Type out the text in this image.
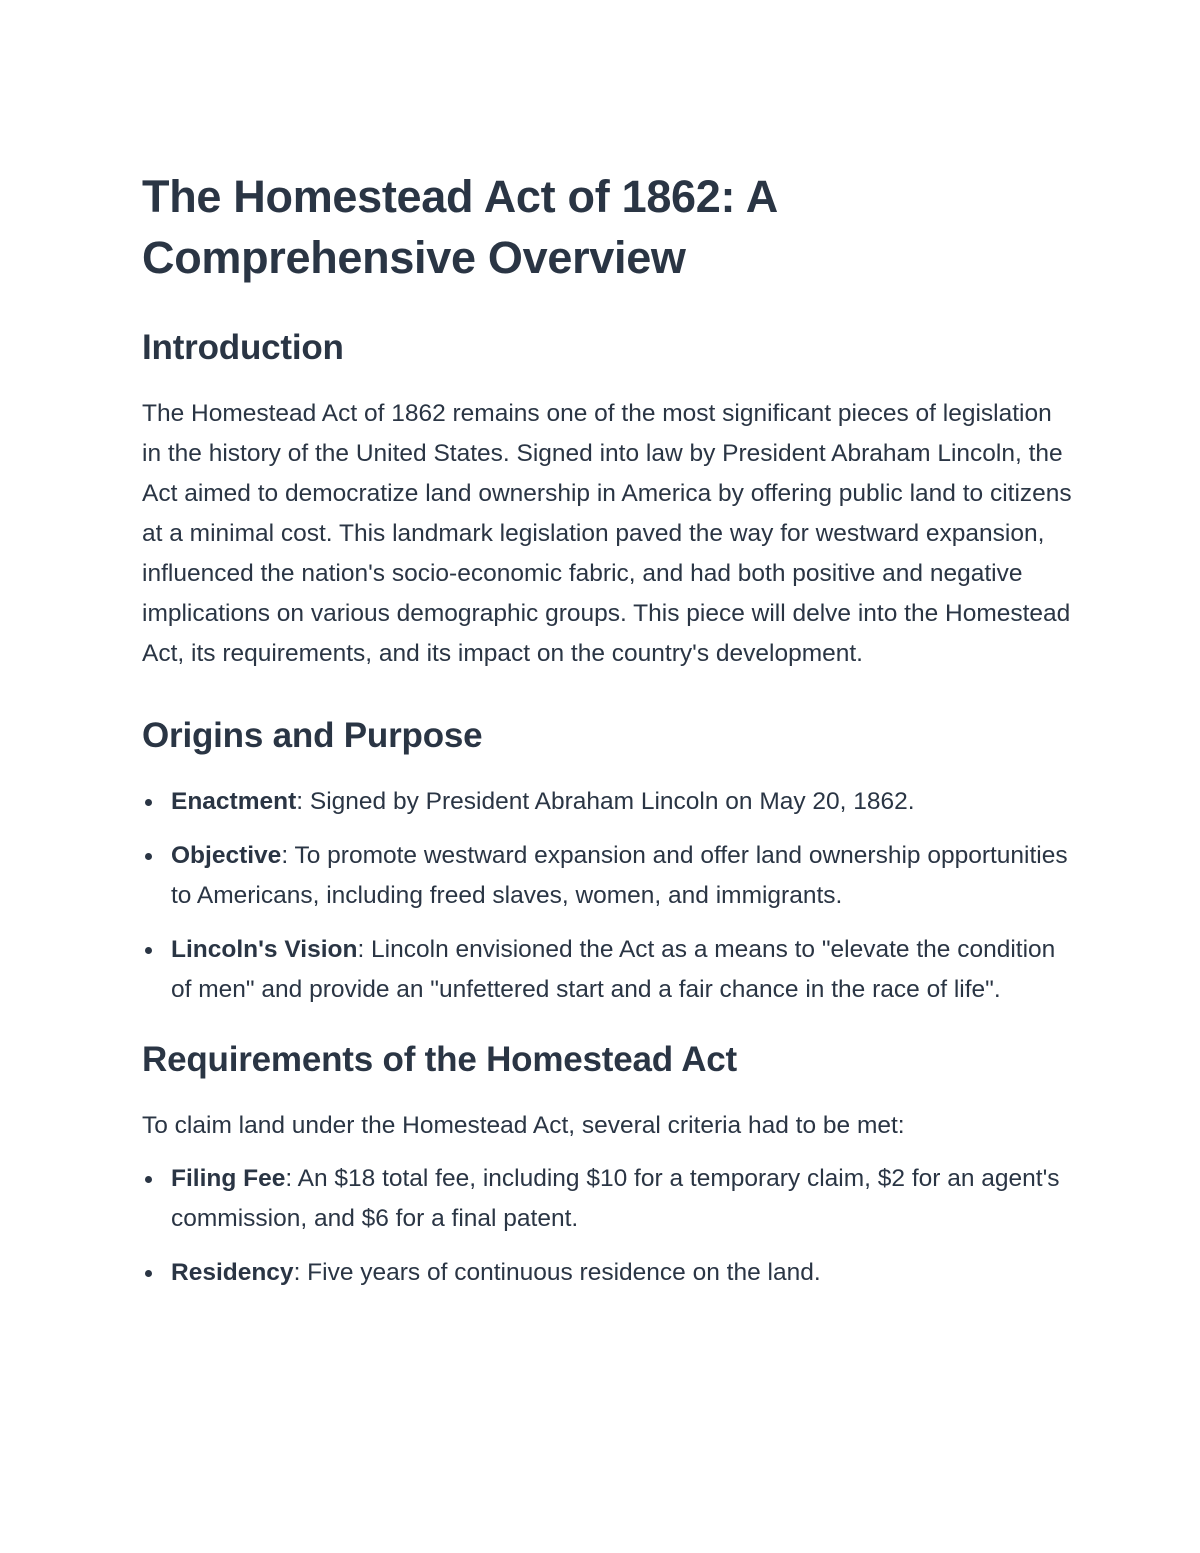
The Homestead Act of 1862: A Comprehensive Overview
Introduction

The Homestead Act of 1862 remains one of the most significant pieces of legislation in the history of the United States. Signed into law by President Abraham Lincoln, the Act aimed to democratize land ownership in America by offering public land to citizens at a minimal cost. This landmark legislation paved the way for westward expansion, influenced the nation's socio-economic fabric, and had both positive and negative implications on various demographic groups. This piece will delve into the Homestead Act, its requirements, and its impact on the country's development.

Origins and Purpose
Enactment: Signed by President Abraham Lincoln on May 20, 1862.
Objective: To promote westward expansion and offer land ownership opportunities to Americans, including freed slaves, women, and immigrants.
Lincoln's Vision: Lincoln envisioned the Act as a means to "elevate the condition of men" and provide an "unfettered start and a fair chance in the race of life".
Requirements of the Homestead Act

To claim land under the Homestead Act, several criteria had to be met:

Filing Fee: An $18 total fee, including $10 for a temporary claim, $2 for an agent's commission, and $6 for a final patent.
Residency: Five years of continuous residence on the land.
